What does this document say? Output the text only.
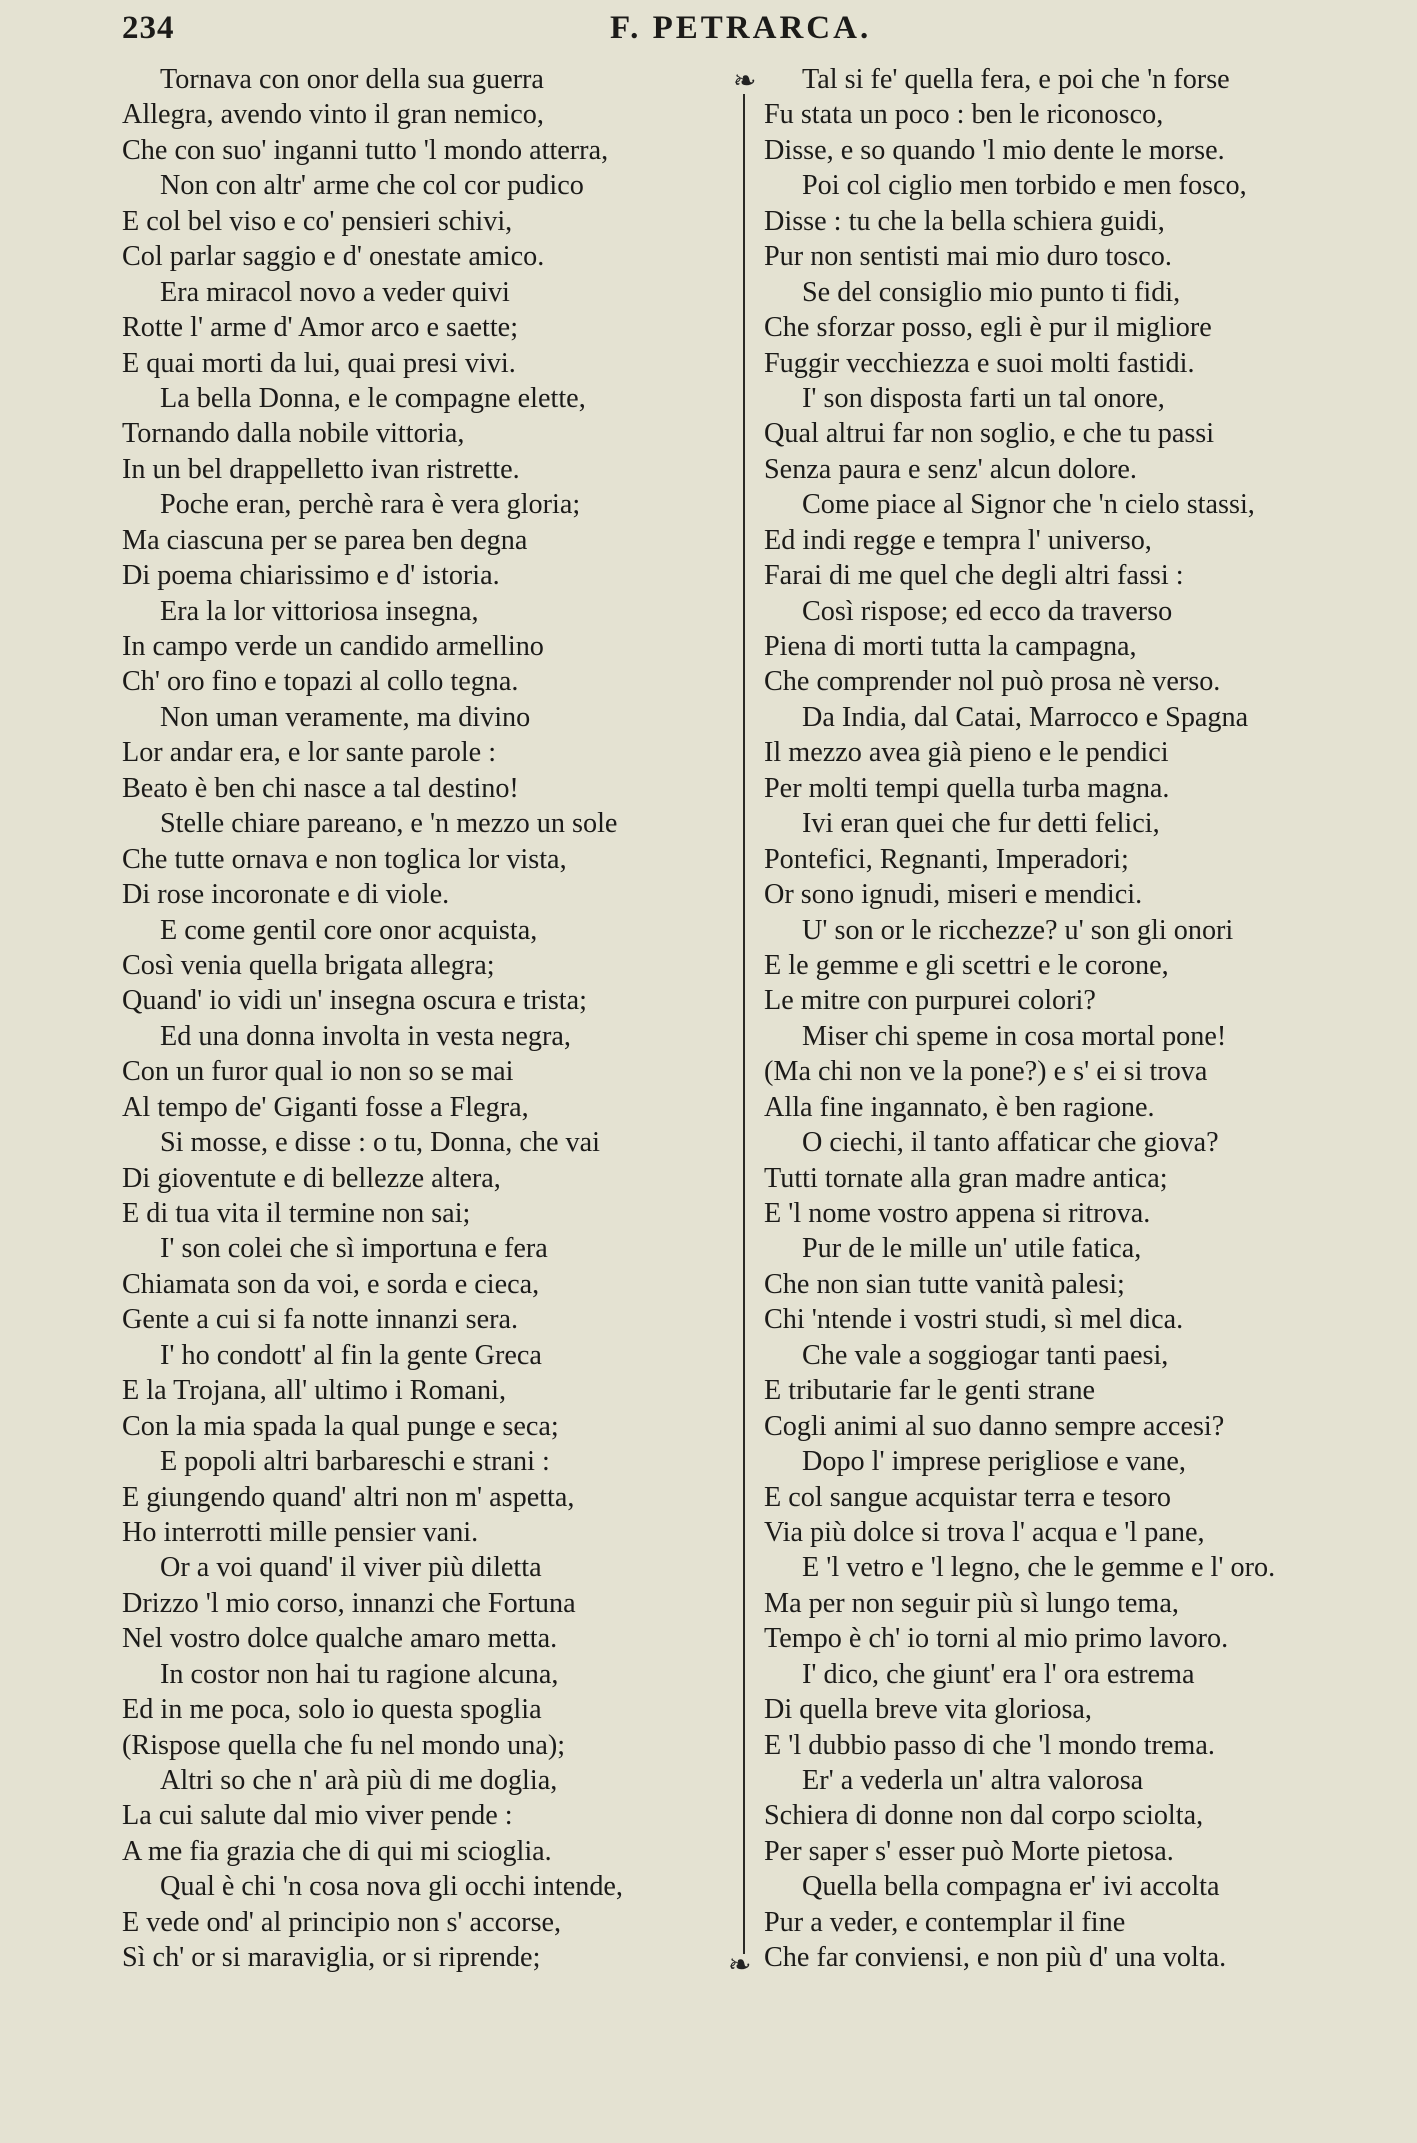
234	F. PETRARCA.
Tornava con onor della sua guerra
Allegra, avendo vinto il gran nemico,
Che con suo' inganni tutto 'l mondo atterra,
Non con altr' arme che col cor pudico
E col bel viso e co' pensieri schivi,
Col parlar saggio e d' onestate amico.
Era miracol novo a veder quivi
Rotte l' arme d' Amor arco e saette;
E quai morti da lui, quai presi vivi.
La bella Donna, e le compagne elette,
Tornando dalla nobile vittoria,
In un bel drappelletto ivan ristrette.
Poche eran, perchè rara è vera gloria;
Ma ciascuna per se parea ben degna
Di poema chiarissimo e d' istoria.
Era la lor vittoriosa insegna,
In campo verde un candido armellino
Ch' oro fino e topazi al collo tegna.
Non uman veramente, ma divino
Lor andar era, e lor sante parole :
Beato è ben chi nasce a tal destino!
Stelle chiare pareano, e 'n mezzo un sole
Che tutte ornava e non toglica lor vista,
Di rose incoronate e di viole.
E come gentil core onor acquista,
Così venia quella brigata allegra;
Quand' io vidi un' insegna oscura e trista;
Ed una donna involta in vesta negra,
Con un furor qual io non so se mai
Al tempo de' Giganti fosse a Flegra,
Si mosse, e disse : o tu, Donna, che vai
Di gioventute e di bellezze altera,
E di tua vita il termine non sai;
I' son colei che sì importuna e fera
Chiamata son da voi, e sorda e cieca,
Gente a cui si fa notte innanzi sera.
I' ho condott' al fin la gente Greca
E la Trojana, all' ultimo i Romani,
Con la mia spada la qual punge e seca;
E popoli altri barbareschi e strani :
E giungendo quand' altri non m' aspetta,
Ho interrotti mille pensier vani.
Or a voi quand' il viver più diletta
Drizzo 'l mio corso, innanzi che Fortuna
Nel vostro dolce qualche amaro metta.
In costor non hai tu ragione alcuna,
Ed in me poca, solo io questa spoglia
(Rispose quella che fu nel mondo una);
Altri so che n' arà più di me doglia,
La cui salute dal mio viver pende :
A me fia grazia che di qui mi scioglia.
Qual è chi 'n cosa nova gli occhi intende,
E vede ond' al principio non s' accorse,
Sì ch' or si maraviglia, or si riprende;
❧
❧
Tal si fe' quella fera, e poi che 'n forse
Fu stata un poco : ben le riconosco,
Disse, e so quando 'l mio dente le morse.
Poi col ciglio men torbido e men fosco,
Disse : tu che la bella schiera guidi,
Pur non sentisti mai mio duro tosco.
Se del consiglio mio punto ti fidi,
Che sforzar posso, egli è pur il migliore
Fuggir vecchiezza e suoi molti fastidi.
I' son disposta farti un tal onore,
Qual altrui far non soglio, e che tu passi
Senza paura e senz' alcun dolore.
Come piace al Signor che 'n cielo stassi,
Ed indi regge e tempra l' universo,
Farai di me quel che degli altri fassi :
Così rispose; ed ecco da traverso
Piena di morti tutta la campagna,
Che comprender nol può prosa nè verso.
Da India, dal Catai, Marrocco e Spagna
Il mezzo avea già pieno e le pendici
Per molti tempi quella turba magna.
Ivi eran quei che fur detti felici,
Pontefici, Regnanti, Imperadori;
Or sono ignudi, miseri e mendici.
U' son or le ricchezze? u' son gli onori
E le gemme e gli scettri e le corone,
Le mitre con purpurei colori?
Miser chi speme in cosa mortal pone!
(Ma chi non ve la pone?) e s' ei si trova
Alla fine ingannato, è ben ragione.
O ciechi, il tanto affaticar che giova?
Tutti tornate alla gran madre antica;
E 'l nome vostro appena si ritrova.
Pur de le mille un' utile fatica,
Che non sian tutte vanità palesi;
Chi 'ntende i vostri studi, sì mel dica.
Che vale a soggiogar tanti paesi,
E tributarie far le genti strane
Cogli animi al suo danno sempre accesi?
Dopo l' imprese perigliose e vane,
E col sangue acquistar terra e tesoro
Via più dolce si trova l' acqua e 'l pane,
E 'l vetro e 'l legno, che le gemme e l' oro.
Ma per non seguir più sì lungo tema,
Tempo è ch' io torni al mio primo lavoro.
I' dico, che giunt' era l' ora estrema
Di quella breve vita gloriosa,
E 'l dubbio passo di che 'l mondo trema.
Er' a vederla un' altra valorosa
Schiera di donne non dal corpo sciolta,
Per saper s' esser può Morte pietosa.
Quella bella compagna er' ivi accolta
Pur a veder, e contemplar il fine
Che far conviensi, e non più d' una volta.
